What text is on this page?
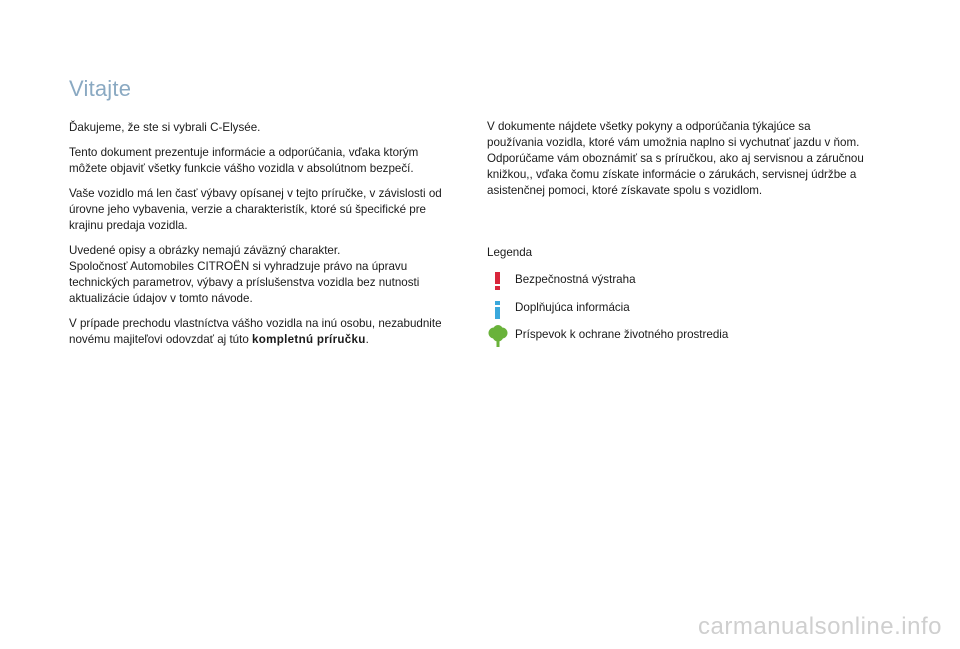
Vitajte

Ďakujeme, že ste si vybrali C-Elysée.

Tento dokument prezentuje informácie a odporúčania, vďaka ktorým môžete objaviť všetky funkcie vášho vozidla v absolútnom bezpečí.

Vaše vozidlo má len časť výbavy opísanej v tejto príručke, v závislosti od úrovne jeho vybavenia, verzie a charakteristík, ktoré sú špecifické pre krajinu predaja vozidla.

Uvedené opisy a obrázky nemajú záväzný charakter.
Spoločnosť Automobiles CITROËN si vyhradzuje právo na úpravu technických parametrov, výbavy a príslušenstva vozidla bez nutnosti aktualizácie údajov v tomto návode.

V prípade prechodu vlastníctva vášho vozidla na inú osobu, nezabudnite novému majiteľovi odovzdať aj túto kompletnú príručku.

V dokumente nájdete všetky pokyny a odporúčania týkajúce sa používania vozidla, ktoré vám umožnia naplno si vychutnať jazdu v ňom. Odporúčame vám oboznámiť sa s príručkou, ako aj servisnou a záručnou knižkou,, vďaka čomu získate informácie o zárukách, servisnej údržbe a asistenčnej pomoci, ktoré získavate spolu s vozidlom.

Legenda
Bezpečnostná výstraha
Doplňujúca informácia
Príspevok k ochrane životného prostredia
carmanualsonline.info
